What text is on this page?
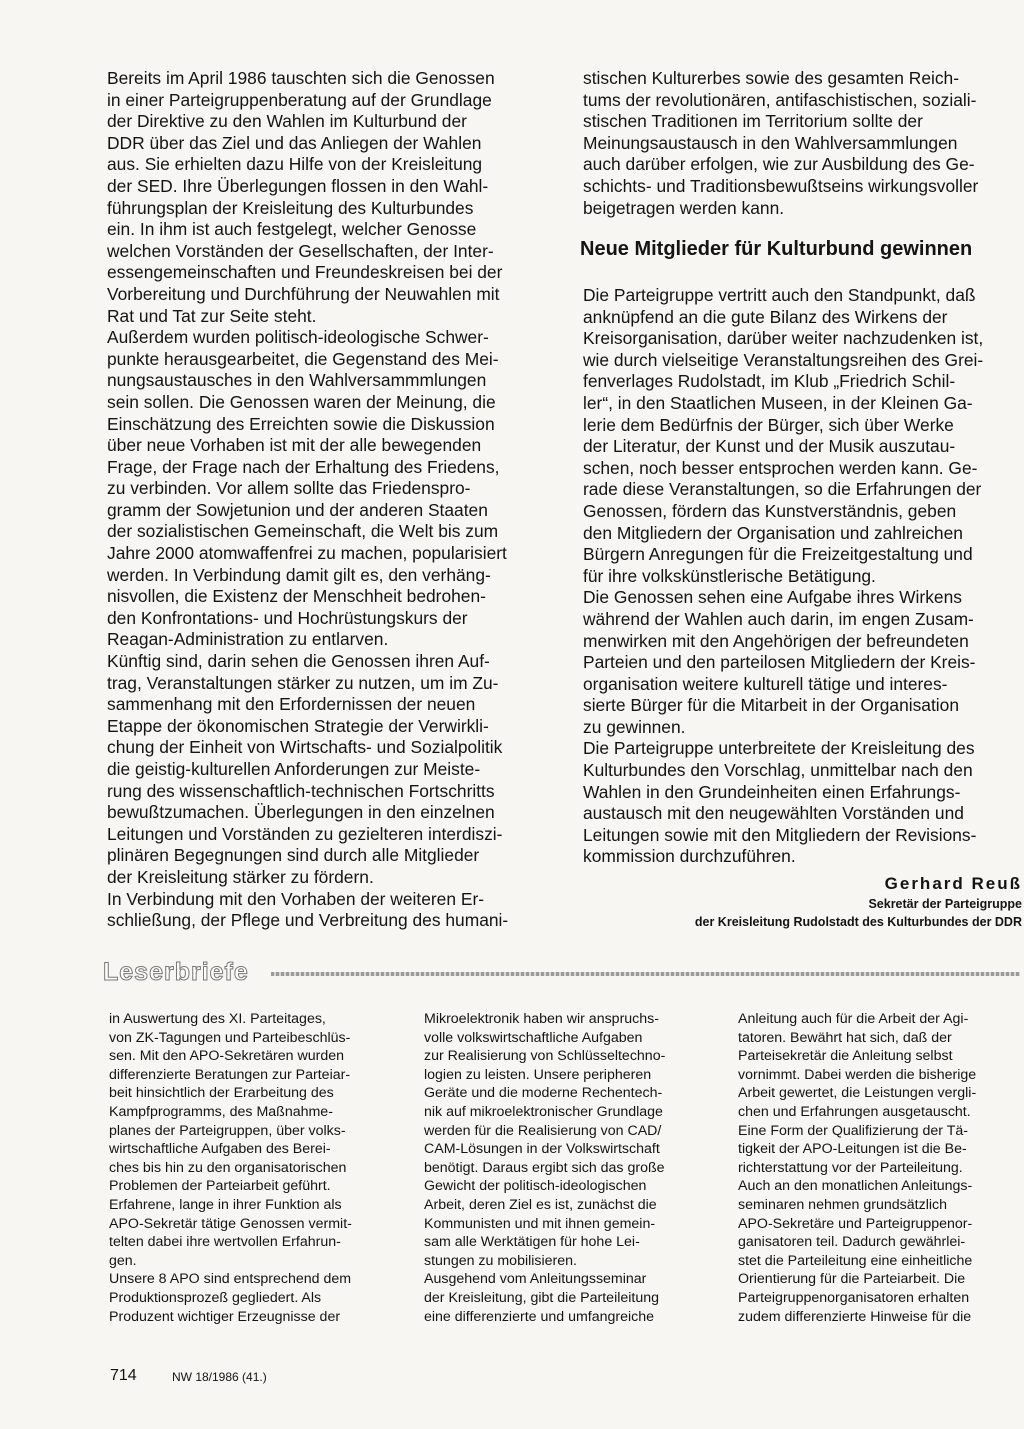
Bereits im April 1986 tauschten sich die Genossen
in einer Parteigruppenberatung auf der Grundlage
der Direktive zu den Wahlen im Kulturbund der
DDR über das Ziel und das Anliegen der Wahlen
aus. Sie erhielten dazu Hilfe von der Kreisleitung
der SED. Ihre Überlegungen flossen in den Wahl-
führungsplan der Kreisleitung des Kulturbundes
ein. In ihm ist auch festgelegt, welcher Genosse
welchen Vorständen der Gesellschaften, der Inter-
essengemeinschaften und Freundeskreisen bei der
Vorbereitung und Durchführung der Neuwahlen mit
Rat und Tat zur Seite steht.
Außerdem wurden politisch-ideologische Schwer-
punkte herausgearbeitet, die Gegenstand des Mei-
nungsaustausches in den Wahlversammmlungen
sein sollen. Die Genossen waren der Meinung, die
Einschätzung des Erreichten sowie die Diskussion
über neue Vorhaben ist mit der alle bewegenden
Frage, der Frage nach der Erhaltung des Friedens,
zu verbinden. Vor allem sollte das Friedenspro-
gramm der Sowjetunion und der anderen Staaten
der sozialistischen Gemeinschaft, die Welt bis zum
Jahre 2000 atomwaffenfrei zu machen, popularisiert
werden. In Verbindung damit gilt es, den verhäng-
nisvollen, die Existenz der Menschheit bedrohen-
den Konfrontations- und Hochrüstungskurs der
Reagan-Administration zu entlarven.
Künftig sind, darin sehen die Genossen ihren Auf-
trag, Veranstaltungen stärker zu nutzen, um im Zu-
sammenhang mit den Erfordernissen der neuen
Etappe der ökonomischen Strategie der Verwirkli-
chung der Einheit von Wirtschafts- und Sozialpolitik
die geistig-kulturellen Anforderungen zur Meiste-
rung des wissenschaftlich-technischen Fortschritts
bewußtzumachen. Überlegungen in den einzelnen
Leitungen und Vorständen zu gezielteren interdiszi-
plinären Begegnungen sind durch alle Mitglieder
der Kreisleitung stärker zu fördern.
In Verbindung mit den Vorhaben der weiteren Er-
schließung, der Pflege und Verbreitung des humani-
stischen Kulturerbes sowie des gesamten Reich-
tums der revolutionären, antifaschistischen, soziali-
stischen Traditionen im Territorium sollte der
Meinungsaustausch in den Wahlversammlungen
auch darüber erfolgen, wie zur Ausbildung des Ge-
schichts- und Traditionsbewußtseins wirkungsvoller
beigetragen werden kann.
Neue Mitglieder für Kulturbund gewinnen
Die Parteigruppe vertritt auch den Standpunkt, daß
anknüpfend an die gute Bilanz des Wirkens der
Kreisorganisation, darüber weiter nachzudenken ist,
wie durch vielseitige Veranstaltungsreihen des Grei-
fenverlages Rudolstadt, im Klub „Friedrich Schil-
ler“, in den Staatlichen Museen, in der Kleinen Ga-
lerie dem Bedürfnis der Bürger, sich über Werke
der Literatur, der Kunst und der Musik auszutau-
schen, noch besser entsprochen werden kann. Ge-
rade diese Veranstaltungen, so die Erfahrungen der
Genossen, fördern das Kunstverständnis, geben
den Mitgliedern der Organisation und zahlreichen
Bürgern Anregungen für die Freizeitgestaltung und
für ihre volkskünstlerische Betätigung.
Die Genossen sehen eine Aufgabe ihres Wirkens
während der Wahlen auch darin, im engen Zusam-
menwirken mit den Angehörigen der befreundeten
Parteien und den parteilosen Mitgliedern der Kreis-
organisation weitere kulturell tätige und interes-
sierte Bürger für die Mitarbeit in der Organisation
zu gewinnen.
Die Parteigruppe unterbreitete der Kreisleitung des
Kulturbundes den Vorschlag, unmittelbar nach den
Wahlen in den Grundeinheiten einen Erfahrungs-
austausch mit den neugewählten Vorständen und
Leitungen sowie mit den Mitgliedern der Revisions-
kommission durchzuführen.
Gerhard Reuß
Sekretär der Parteigruppe
der Kreisleitung Rudolstadt des Kulturbundes der DDR
Leserbriefe
in Auswertung des XI. Parteitages,
von ZK-Tagungen und Parteibeschlüs-
sen. Mit den APO-Sekretären wurden
differenzierte Beratungen zur Parteiar-
beit hinsichtlich der Erarbeitung des
Kampfprogramms, des Maßnahme-
planes der Parteigruppen, über volks-
wirtschaftliche Aufgaben des Berei-
ches bis hin zu den organisatorischen
Problemen der Parteiarbeit geführt.
Erfahrene, lange in ihrer Funktion als
APO-Sekretär tätige Genossen vermit-
telten dabei ihre wertvollen Erfahrun-
gen.
Unsere 8 APO sind entsprechend dem
Produktionsprozeß gegliedert. Als
Produzent wichtiger Erzeugnisse der
Mikroelektronik haben wir anspruchs-
volle volkswirtschaftliche Aufgaben
zur Realisierung von Schlüsseltechno-
logien zu leisten. Unsere peripheren
Geräte und die moderne Rechentech-
nik auf mikroelektronischer Grundlage
werden für die Realisierung von CAD/
CAM-Lösungen in der Volkswirtschaft
benötigt. Daraus ergibt sich das große
Gewicht der politisch-ideologischen
Arbeit, deren Ziel es ist, zunächst die
Kommunisten und mit ihnen gemein-
sam alle Werktätigen für hohe Lei-
stungen zu mobilisieren.
Ausgehend vom Anleitungsseminar
der Kreisleitung, gibt die Parteileitung
eine differenzierte und umfangreiche
Anleitung auch für die Arbeit der Agi-
tatoren. Bewährt hat sich, daß der
Parteisekretär die Anleitung selbst
vornimmt. Dabei werden die bisherige
Arbeit gewertet, die Leistungen vergli-
chen und Erfahrungen ausgetauscht.
Eine Form der Qualifizierung der Tä-
tigkeit der APO-Leitungen ist die Be-
richterstattung vor der Parteileitung.
Auch an den monatlichen Anleitungs-
seminaren nehmen grundsätzlich
APO-Sekretäre und Parteigruppenor-
ganisatoren teil. Dadurch gewährlei-
stet die Parteileitung eine einheitliche
Orientierung für die Parteiarbeit. Die
Parteigruppenorganisatoren erhalten
zudem differenzierte Hinweise für die
714	NW 18/1986 (41.)
